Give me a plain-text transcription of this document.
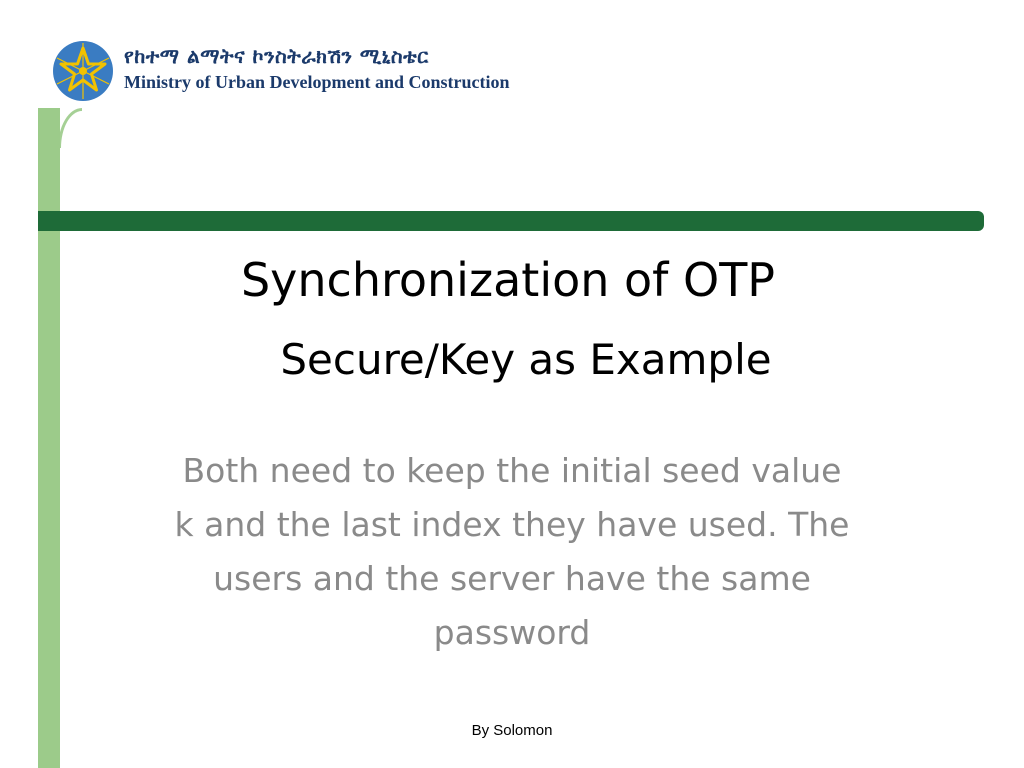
የከተማ ልማትና ኮንስትራክሽን ሚኒስቴር
Ministry of Urban Development and Construction
Synchronization of OTP
Secure/Key as Example
Both need to keep the initial seed value k and the last index they have used. The users and the server have the same password
By Solomon
